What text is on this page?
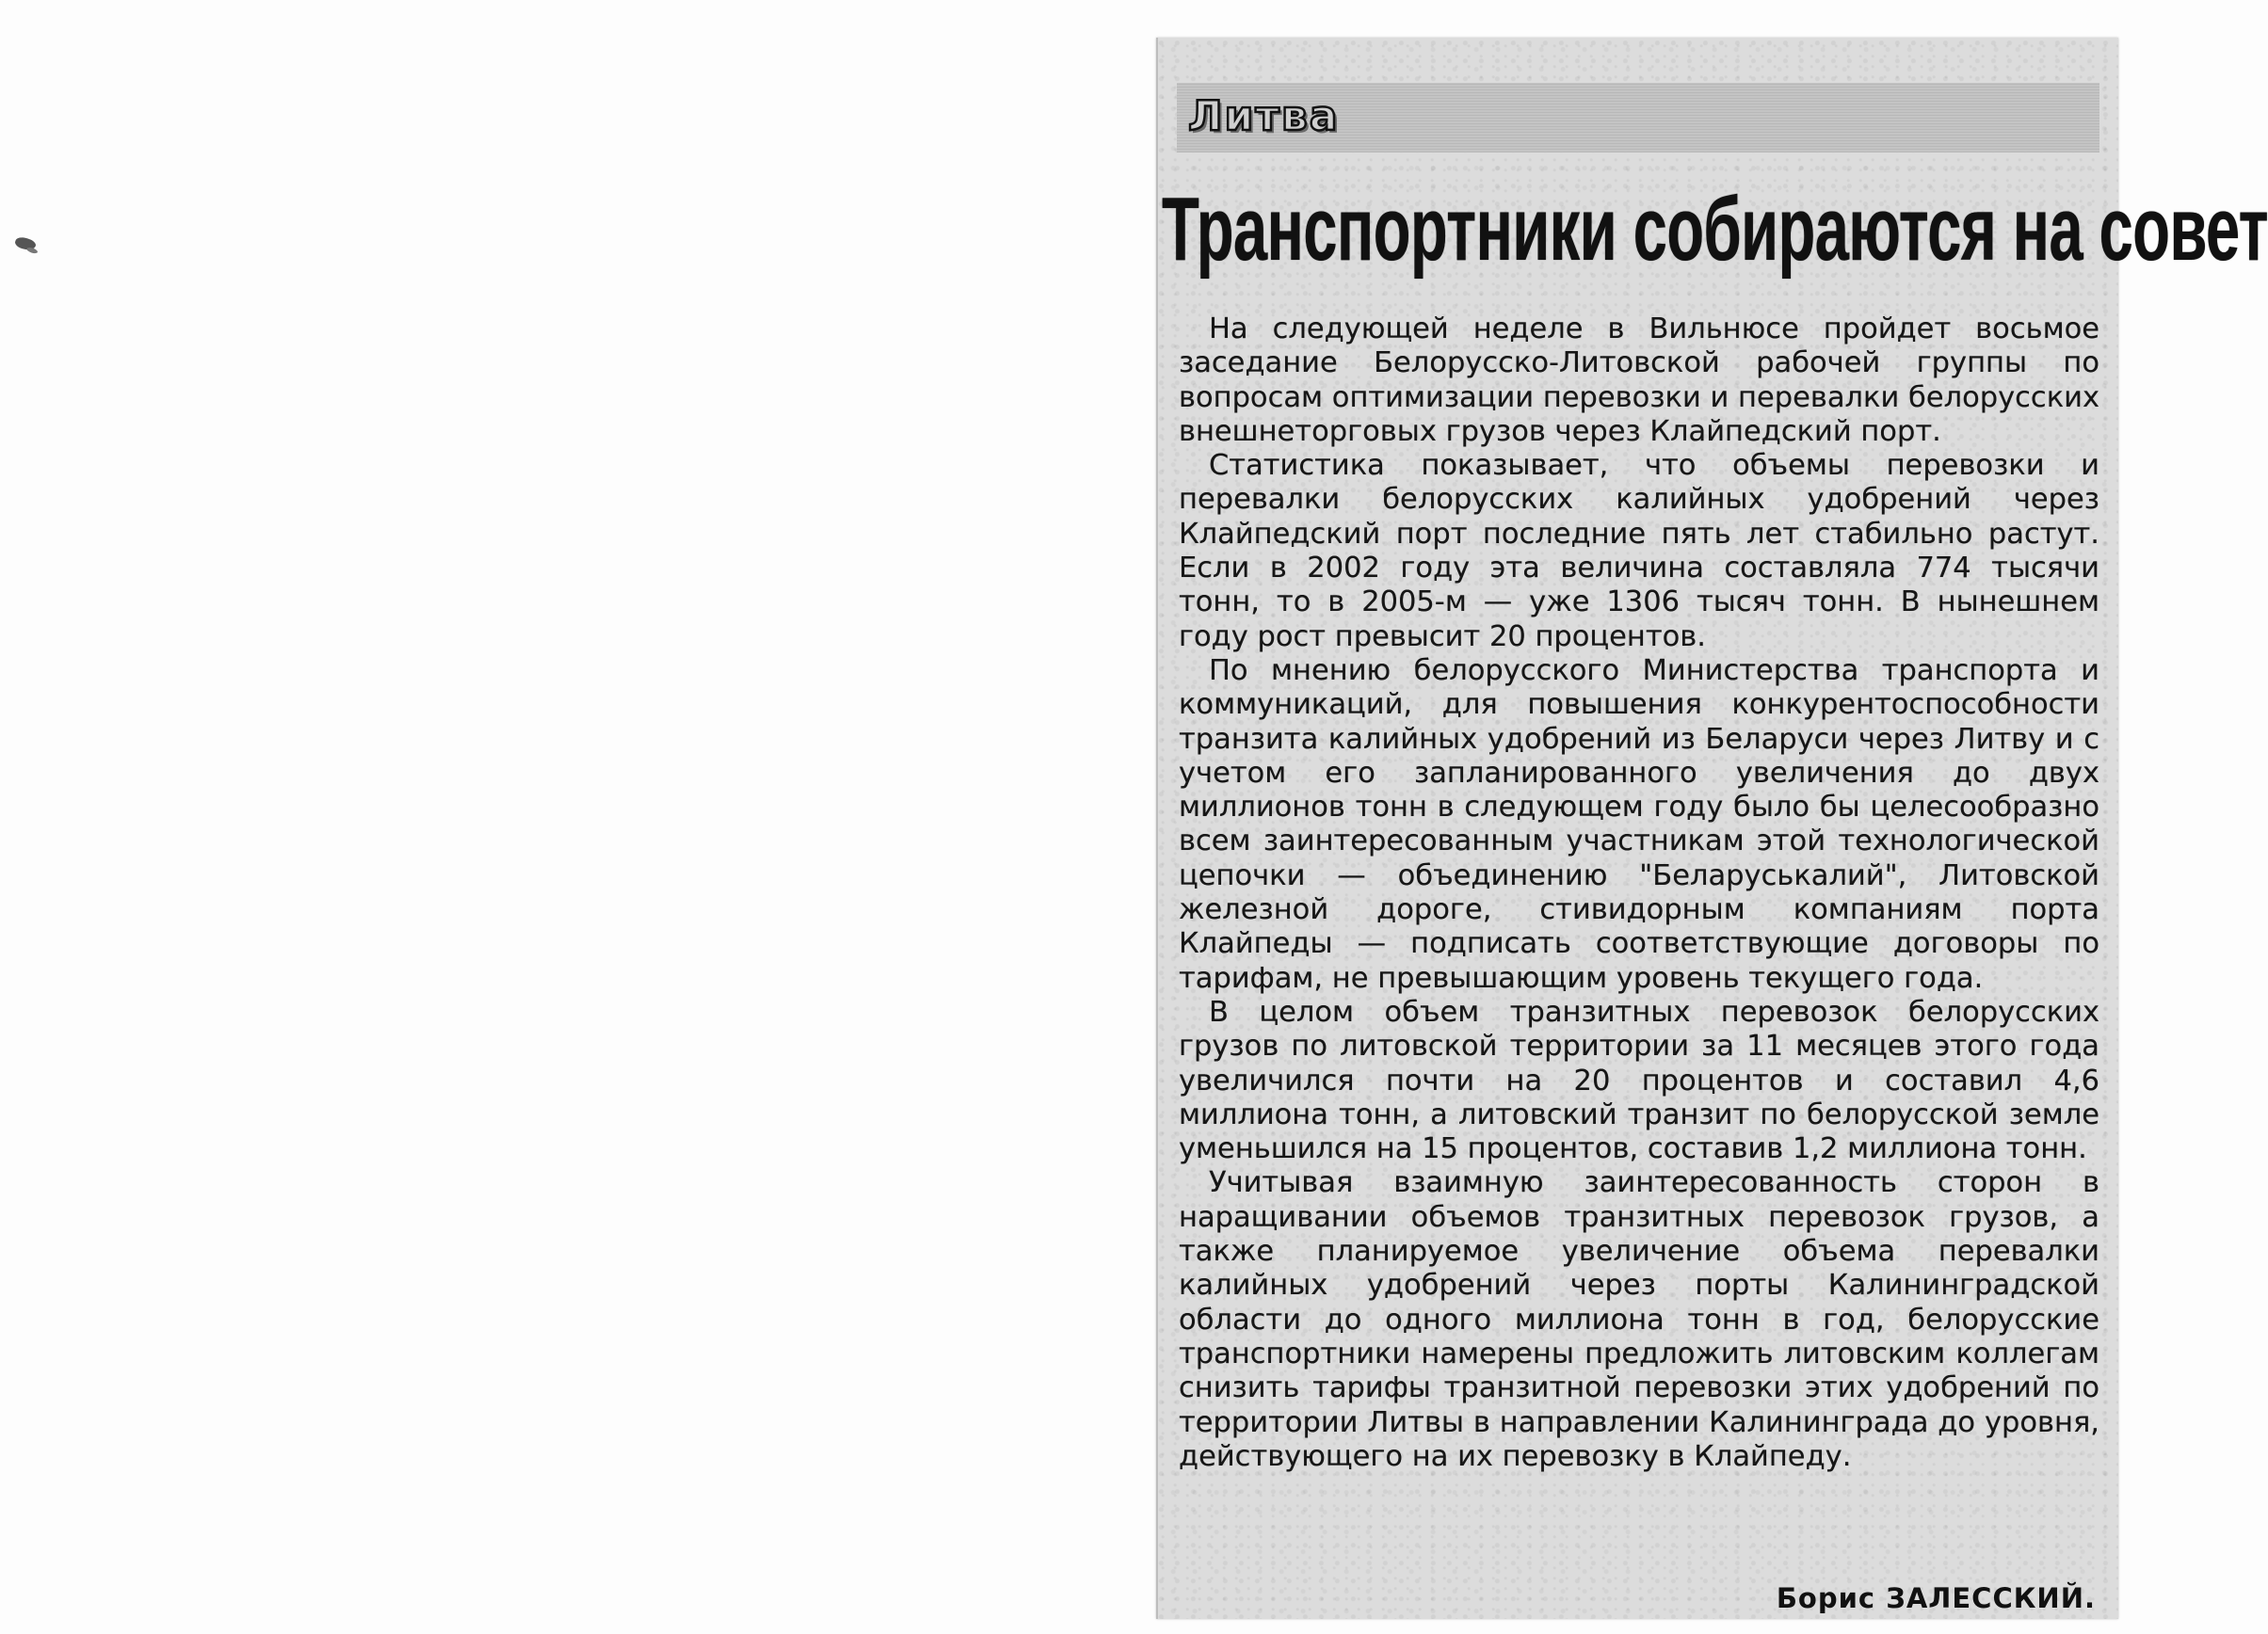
Литва
Транспортники собираются на совет

На следующей неделе в Вильнюсе пройдет восьмое заседание Белорусско-Литовской рабочей группы по вопросам оптимизации перевозки и перевалки белорусских внешнеторговых грузов через Клайпедский порт.

Статистика показывает, что объемы перевозки и перевалки белорусских калийных удобрений через Клайпедский порт последние пять лет стабильно растут. Если в 2002 году эта величина составляла 774 тысячи тонн, то в 2005-м — уже 1306 тысяч тонн. В нынешнем году рост превысит 20 процентов.

По мнению белорусского Министерства транспорта и коммуникаций, для повышения конкурентоспособности транзита калийных удобрений из Беларуси через Литву и с учетом его запланированного увеличения до двух миллионов тонн в следующем году было бы целесообразно всем заинтересованным участникам этой технологической цепочки — объединению "Беларуськалий", Литовской железной дороге, стивидорным компаниям порта Клайпеды — подписать соответствующие договоры по тарифам, не превышающим уровень текущего года.

В целом объем транзитных перевозок белорусских грузов по литовской территории за 11 месяцев этого года увеличился почти на 20 процентов и составил 4,6 миллиона тонн, а литовский транзит по белорусской земле уменьшился на 15 процентов, составив 1,2 миллиона тонн.

Учитывая взаимную заинтересованность сторон в наращивании объемов транзитных перевозок грузов, а также планируемое увеличение объема перевалки калийных удобрений через порты Калининградской области до одного миллиона тонн в год, белорусские транспортники намерены предложить литовским коллегам снизить тарифы транзитной перевозки этих удобрений по территории Литвы в направлении Калининграда до уровня, действующего на их перевозку в Клайпеду.

Борис ЗАЛЕССКИЙ.
